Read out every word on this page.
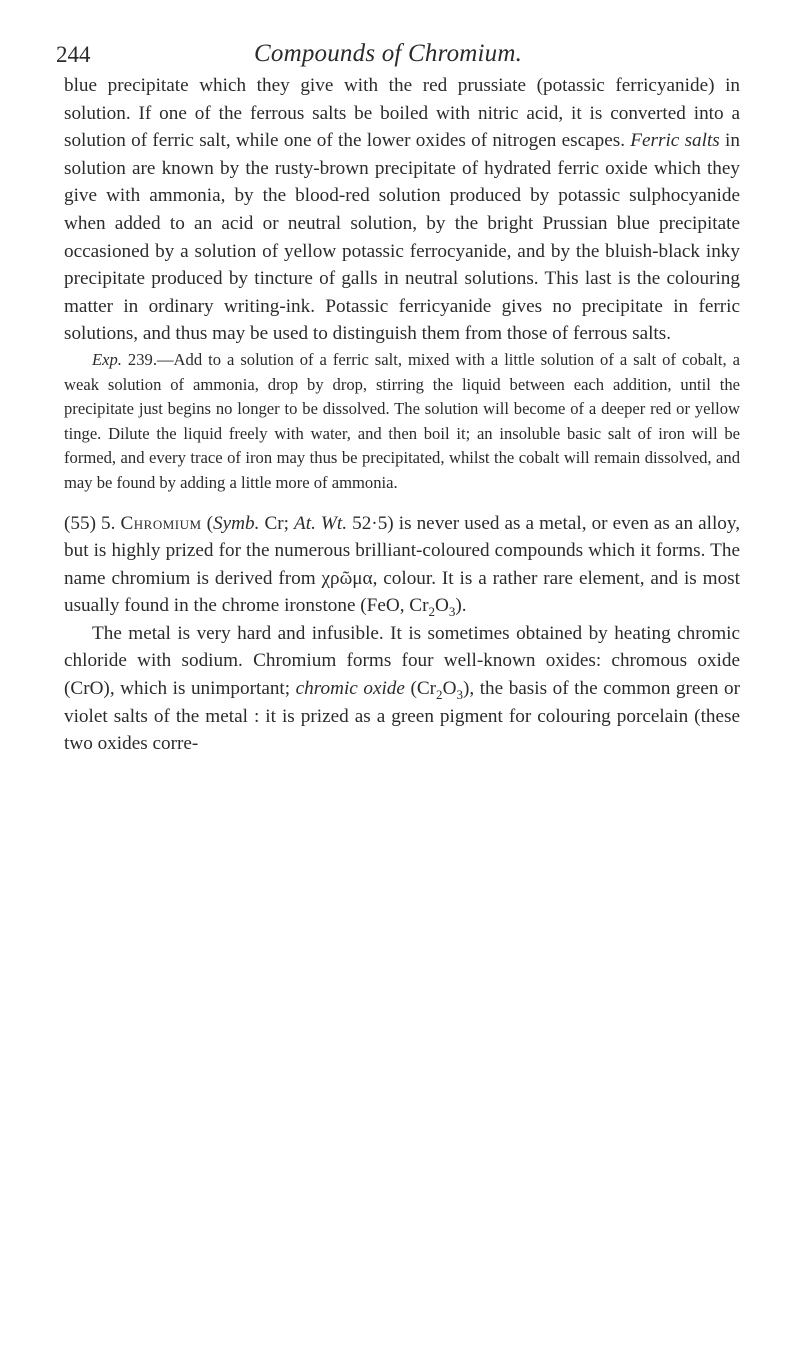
244	Compounds of Chromium.

blue precipitate which they give with the red prussiate (potassic ferricyanide) in solution. If one of the ferrous salts be boiled with nitric acid, it is converted into a solution of ferric salt, while one of the lower oxides of nitrogen escapes. Ferric salts in solution are known by the rusty-brown precipitate of hydrated ferric oxide which they give with ammonia, by the blood-red solution produced by potassic sulphocyanide when added to an acid or neutral solution, by the bright Prussian blue precipitate occasioned by a solution of yellow potassic ferrocyanide, and by the bluish-black inky precipitate produced by tincture of galls in neutral solutions. This last is the colouring matter in ordinary writing-ink. Potassic ferricyanide gives no precipitate in ferric solutions, and thus may be used to distinguish them from those of ferrous salts.

Exp. 239.—Add to a solution of a ferric salt, mixed with a little solution of a salt of cobalt, a weak solution of ammonia, drop by drop, stirring the liquid between each addition, until the precipitate just begins no longer to be dissolved. The solution will become of a deeper red or yellow tinge. Dilute the liquid freely with water, and then boil it; an insoluble basic salt of iron will be formed, and every trace of iron may thus be precipitated, whilst the cobalt will remain dissolved, and may be found by adding a little more of ammonia.

(55) 5. Chromium (Symb. Cr; At. Wt. 52·5) is never used as a metal, or even as an alloy, but is highly prized for the numerous brilliant-coloured compounds which it forms. The name chromium is derived from χρῶμα, colour. It is a rather rare element, and is most usually found in the chrome ironstone (FeO, $Cr_2O_3$).

The metal is very hard and infusible. It is sometimes obtained by heating chromic chloride with sodium. Chromium forms four well-known oxides: chromous oxide (CrO), which is unimportant; chromic oxide $(Cr_2O_3)$, the basis of the common green or violet salts of the metal : it is prized as a green pigment for colouring porcelain (these two oxides corre-
